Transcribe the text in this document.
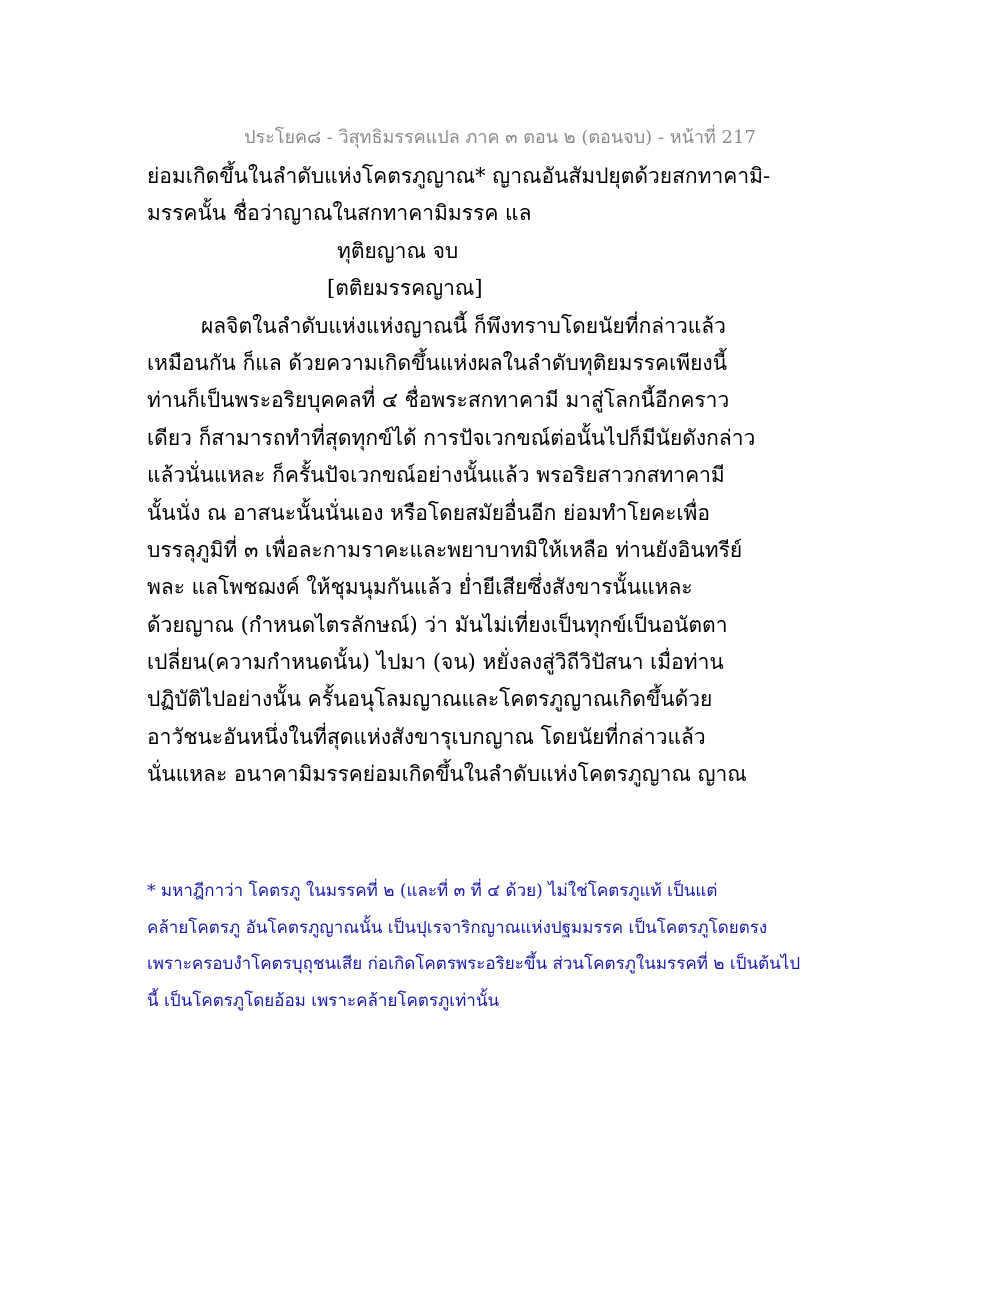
ประโยค๘ - วิสุทธิมรรคแปล ภาค ๓ ตอน ๒ (ตอนจบ) - หน้าที่ 217
ย่อมเกิดขึ้นในลำดับแห่งโคตรภูญาณ* ญาณอันสัมปยุตด้วยสกทาคามิ-
มรรคนั้น ชื่อว่าญาณในสกทาคามิมรรค แล
ทุติยญาณ จบ
[ตติยมรรคญาณ]
ผลจิตในลำดับแห่งแห่งญาณนี้ ก็พึงทราบโดยนัยที่กล่าวแล้ว
เหมือนกัน ก็แล ด้วยความเกิดขึ้นแห่งผลในลำดับทุติยมรรคเพียงนี้
ท่านก็เป็นพระอริยบุคคลที่ ๔ ชื่อพระสกทาคามี มาสู่โลกนี้อีกคราว
เดียว ก็สามารถทำที่สุดทุกข์ได้ การปัจเวกขณ์ต่อนั้นไปก็มีนัยดังกล่าว
แล้วนั่นแหละ ก็ครั้นปัจเวกขณ์อย่างนั้นแล้ว พรอริยสาวกสทาคามี
นั้นนั่ง ณ อาสนะนั้นนั่นเอง หรือโดยสมัยอื่นอีก ย่อมทำโยคะเพื่อ
บรรลุภูมิที่ ๓ เพื่อละกามราคะและพยาบาทมิให้เหลือ ท่านยังอินทรีย์
พละ แลโพชฌงค์ ให้ชุมนุมกันแล้ว ย่ำยีเสียซึ่งสังขารนั้นแหละ
ด้วยญาณ (กำหนดไตรลักษณ์) ว่า มันไม่เที่ยงเป็นทุกข์เป็นอนัตตา
เปลี่ยน(ความกำหนดนั้น) ไปมา (จน) หยั่งลงสู่วิถีวิปัสนา เมื่อท่าน
ปฏิบัติไปอย่างนั้น ครั้นอนุโลมญาณและโคตรภูญาณเกิดขึ้นด้วย
อาวัชนะอันหนึ่งในที่สุดแห่งสังขารุเบกญาณ โดยนัยที่กล่าวแล้ว
นั่นแหละ อนาคามิมรรคย่อมเกิดขึ้นในลำดับแห่งโคตรภูญาณ ญาณ
* มหาฎีกาว่า โคตรภู ในมรรคที่ ๒ (และที่ ๓ ที่ ๔ ด้วย) ไม่ใช่โคตรภูแท้ เป็นแต่
คล้ายโคตรภู อันโคตรภูญาณนั้น เป็นปุเรจาริกญาณแห่งปฐมมรรค เป็นโคตรภูโดยตรง
เพราะครอบงำโคตรบุถุชนเสีย ก่อเกิดโคตรพระอริยะขึ้น ส่วนโคตรภูในมรรคที่ ๒ เป็นต้นไป
นี้ เป็นโคตรภูโดยอ้อม เพราะคล้ายโคตรภูเท่านั้น
